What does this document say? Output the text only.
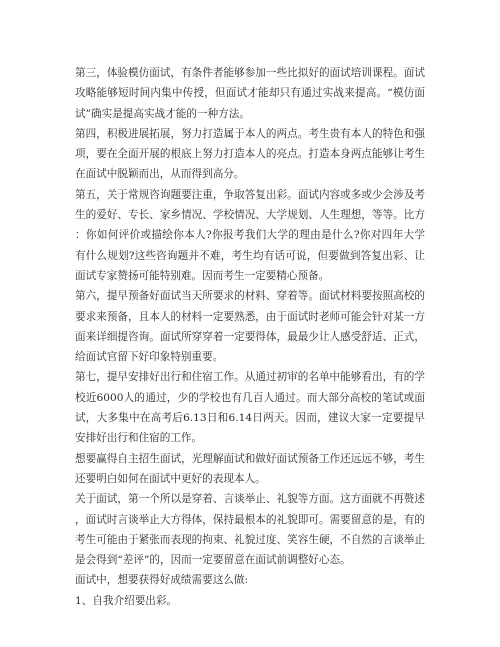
第三，体验模仿面试，有条件者能够参加一些比拟好的面试培训课程。面试攻略能够短时间内集中传授，但面试才能却只有通过实战来提高。“模仿面试”确实是提高实战才能的一种方法。

第四，积极进展拓展，努力打造属于本人的两点。考生贵有本人的特色和强项，要在全面开展的根底上努力打造本人的亮点。打造本身两点能够让考生在面试中脱颖而出，从而得到高分。

第五，关于常规咨询题要注重，争取答复出彩。面试内容或多或少会涉及考生的爱好、专长、家乡情况、学校情况、大学规划、人生理想，等等。比方：你如何评价或描绘你本人?你报考我们大学的理由是什么?你对四年大学有什么规划?这些咨询题并不难，考生均有话可说，但要做到答复出彩、让面试专家赞扬可能特别难。因而考生一定要精心预备。

第六，提早预备好面试当天所要求的材料、穿着等。面试材料要按照高校的要求来预备，且本人的材料一定要熟悉，由于面试时老师可能会针对某一方面来详细提咨询。面试所穿穿着一定要得体，最最少让人感受舒适、正式，给面试官留下好印象特别重要。

第七，提早安排好出行和住宿工作。从通过初审的名单中能够看出，有的学校近6000人的通过，少的学校也有几百人通过。而大部分高校的笔试或面试，大多集中在高考后6.13日和6.14日两天。因而，建议大家一定要提早安排好出行和住宿的工作。

想要赢得自主招生面试，光理解面试和做好面试预备工作还远远不够，考生还要明白如何在面试中更好的表现本人。

关于面试，第一个所以是穿着、言谈举止、礼貌等方面。这方面就不再赘述，面试时言谈举止大方得体，保持最根本的礼貌即可。需要留意的是，有的考生可能由于紧张而表现的拘束、礼貌过度、笑容生硬，不自然的言谈举止是会得到“差评”的，因而一定要留意在面试前调整好心态。

面试中，想要获得好成绩需要这么做:

1、自我介绍要出彩。
